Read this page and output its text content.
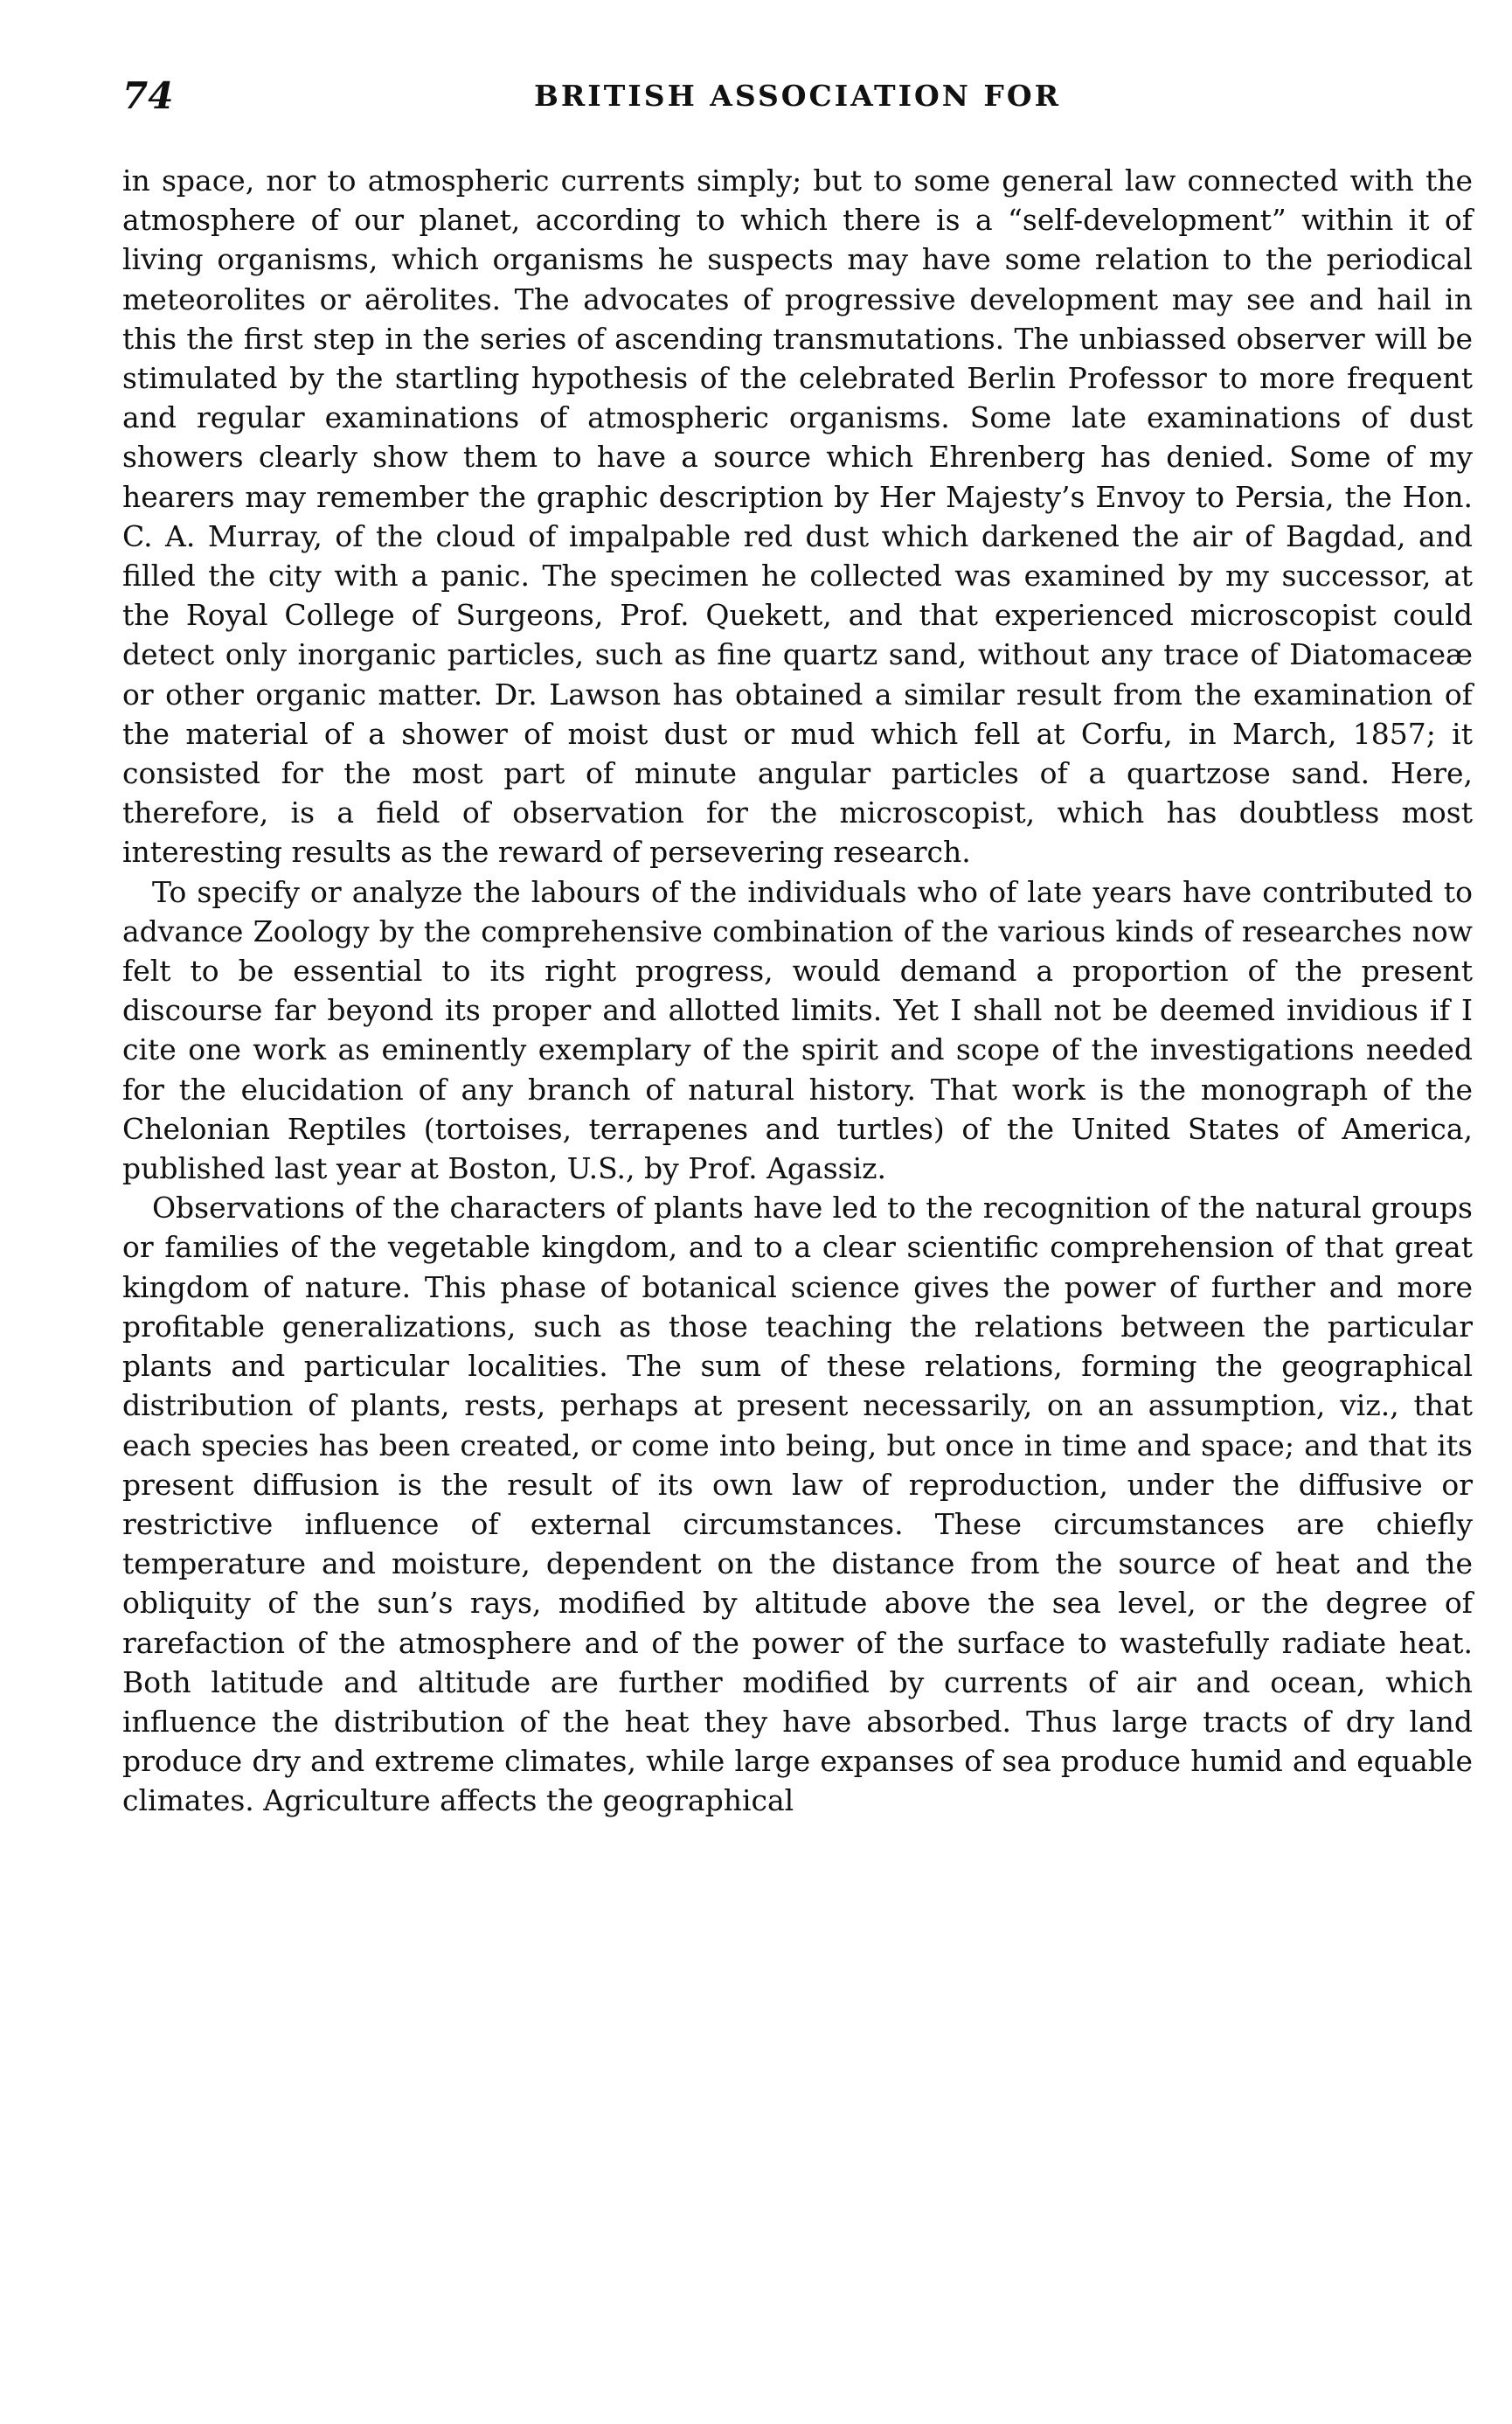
74	BRITISH ASSOCIATION FOR

in space, nor to atmospheric currents simply; but to some general law connected with the atmosphere of our planet, according to which there is a “self-development” within it of living organisms, which organisms he suspects may have some relation to the periodical meteorolites or aërolites. The advocates of progressive development may see and hail in this the first step in the series of ascending transmutations. The unbiassed observer will be stimulated by the startling hypothesis of the celebrated Berlin Professor to more frequent and regular examinations of atmospheric organisms. Some late examinations of dust showers clearly show them to have a source which Ehrenberg has denied. Some of my hearers may remember the graphic description by Her Majesty’s Envoy to Persia, the Hon. C. A. Murray, of the cloud of impalpable red dust which darkened the air of Bagdad, and filled the city with a panic. The specimen he collected was examined by my successor, at the Royal College of Surgeons, Prof. Quekett, and that experienced microscopist could detect only inorganic particles, such as fine quartz sand, without any trace of Diatomaceæ or other organic matter. Dr. Lawson has obtained a similar result from the examination of the material of a shower of moist dust or mud which fell at Corfu, in March, 1857; it consisted for the most part of minute angular particles of a quartzose sand. Here, therefore, is a field of observation for the microscopist, which has doubtless most interesting results as the reward of persevering research.

To specify or analyze the labours of the individuals who of late years have contributed to advance Zoology by the comprehensive combination of the various kinds of researches now felt to be essential to its right progress, would demand a proportion of the present discourse far beyond its proper and allotted limits. Yet I shall not be deemed invidious if I cite one work as eminently exemplary of the spirit and scope of the investigations needed for the elucidation of any branch of natural history. That work is the monograph of the Chelonian Reptiles (tortoises, terrapenes and turtles) of the United States of America, published last year at Boston, U.S., by Prof. Agassiz.

Observations of the characters of plants have led to the recognition of the natural groups or families of the vegetable kingdom, and to a clear scientific comprehension of that great kingdom of nature. This phase of botanical science gives the power of further and more profitable generalizations, such as those teaching the relations between the particular plants and particular localities. The sum of these relations, forming the geographical distribution of plants, rests, perhaps at present necessarily, on an assumption, viz., that each species has been created, or come into being, but once in time and space; and that its present diffusion is the result of its own law of reproduction, under the diffusive or restrictive influence of external circumstances. These circumstances are chiefly temperature and moisture, dependent on the distance from the source of heat and the obliquity of the sun’s rays, modified by altitude above the sea level, or the degree of rarefaction of the atmosphere and of the power of the surface to wastefully radiate heat. Both latitude and altitude are further modified by currents of air and ocean, which influence the distribution of the heat they have absorbed. Thus large tracts of dry land produce dry and extreme climates, while large expanses of sea produce humid and equable climates. Agriculture affects the geographical
